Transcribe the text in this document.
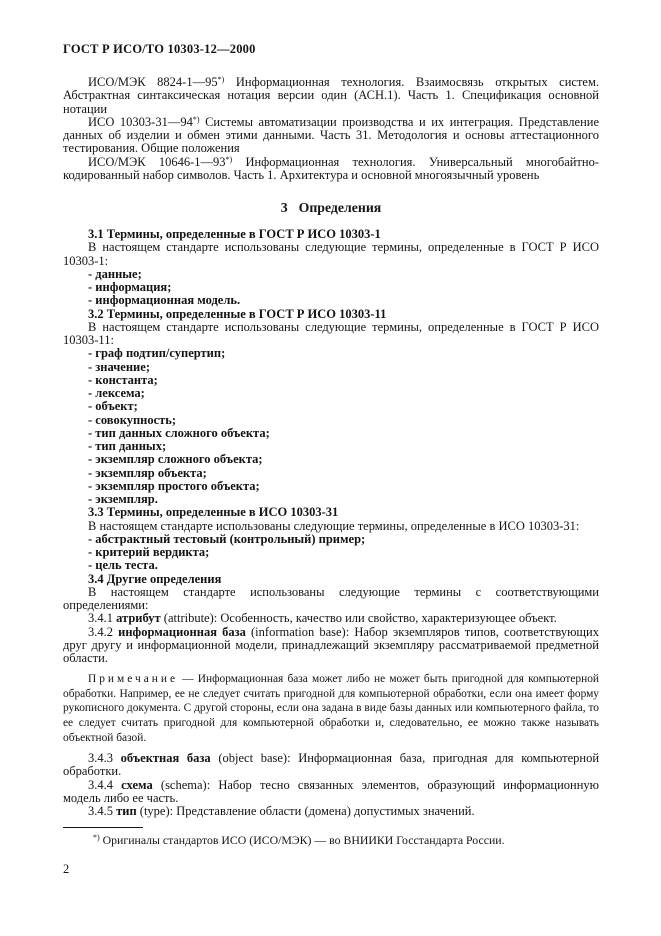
ГОСТ Р ИСО/ТО 10303-12—2000

ИСО/МЭК 8824-1—95*) Информационная технология. Взаимосвязь открытых систем. Абстрактная синтаксическая нотация версии один (АСН.1). Часть 1. Спецификация основной нотации

ИСО 10303-31—94*) Системы автоматизации производства и их интеграция. Представление данных об изделии и обмен этими данными. Часть 31. Методология и основы аттестационного тестирования. Общие положения

ИСО/МЭК 10646-1—93*) Информационная технология. Универсальный многобайтно-кодированный набор символов. Часть 1. Архитектура и основной многоязычный уровень

3 Определения

3.1 Термины, определенные в ГОСТ Р ИСО 10303-1

В настоящем стандарте использованы следующие термины, определенные в ГОСТ Р ИСО 10303-1:

- данные;

- информация;

- информационная модель.

3.2 Термины, определенные в ГОСТ Р ИСО 10303-11

В настоящем стандарте использованы следующие термины, определенные в ГОСТ Р ИСО 10303-11:

- граф подтип/супертип;

- значение;

- константа;

- лексема;

- объект;

- совокупность;

- тип данных сложного объекта;

- тип данных;

- экземпляр сложного объекта;

- экземпляр объекта;

- экземпляр простого объекта;

- экземпляр.

3.3 Термины, определенные в ИСО 10303-31

В настоящем стандарте использованы следующие термины, определенные в ИСО 10303-31:

- абстрактный тестовый (контрольный) пример;

- критерий вердикта;

- цель теста.

3.4 Другие определения

В настоящем стандарте использованы следующие термины с соответствующими определениями:

3.4.1 атрибут (attribute): Особенность, качество или свойство, характеризующее объект.

3.4.2 информационная база (information base): Набор экземпляров типов, соответствующих друг другу и информационной модели, принадлежащий экземпляру рассматриваемой предметной области.

Примечание — Информационная база может либо не может быть пригодной для компьютерной обработки. Например, ее не следует считать пригодной для компьютерной обработки, если она имеет форму рукописного документа. С другой стороны, если она задана в виде базы данных или компьютерного файла, то ее следует считать пригодной для компьютерной обработки и, следовательно, ее можно также называть объектной базой.

3.4.3 объектная база (object base): Информационная база, пригодная для компьютерной обработки.

3.4.4 схема (schema): Набор тесно связанных элементов, образующий информационную модель либо ее часть.

3.4.5 тип (type): Представление области (домена) допустимых значений.

*) Оригиналы стандартов ИСО (ИСО/МЭК) — во ВНИИКИ Госстандарта России.

2
